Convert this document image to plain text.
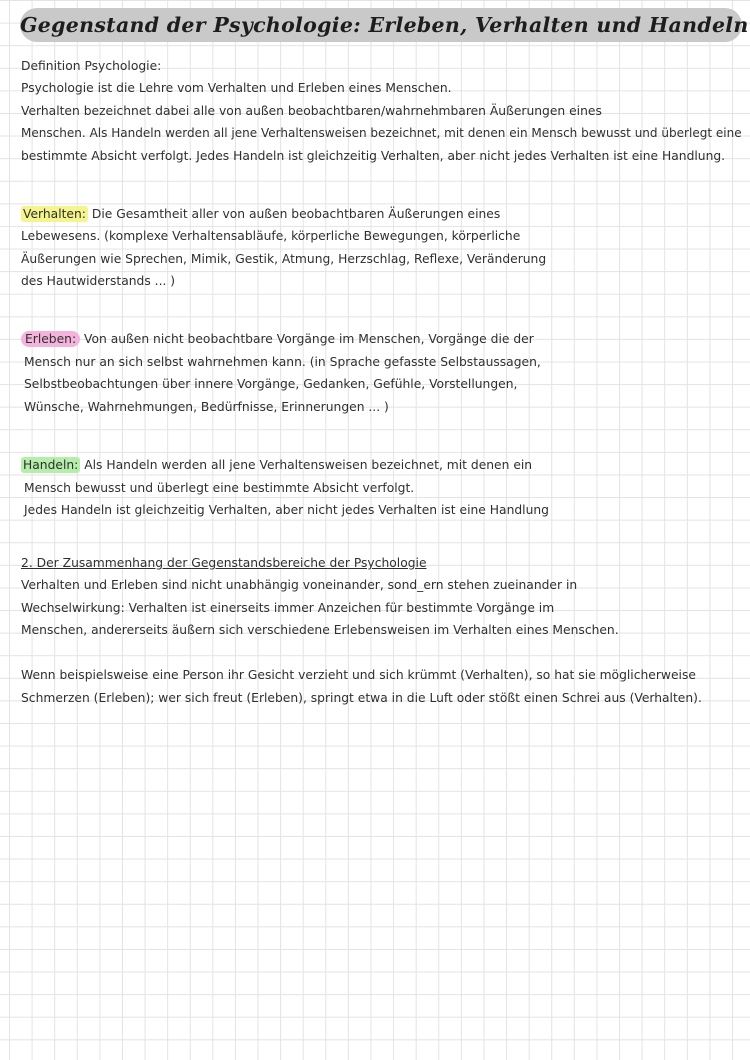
Gegenstand der Psychologie: Erleben, Verhalten und Handeln
Definition Psychologie:
Psychologie ist die Lehre vom Verhalten und Erleben eines Menschen.
Verhalten bezeichnet dabei alle von außen beobachtbaren/wahrnehmbaren Äußerungen eines
Menschen. Als Handeln werden all jene Verhaltensweisen bezeichnet, mit denen ein Mensch bewusst und überlegt eine
bestimmte Absicht verfolgt. Jedes Handeln ist gleichzeitig Verhalten, aber nicht jedes Verhalten ist eine Handlung.
Verhalten: Die Gesamtheit aller von außen beobachtbaren Äußerungen eines
Lebewesens. (komplexe Verhaltensabläufe, körperliche Bewegungen, körperliche
Äußerungen wie Sprechen, Mimik, Gestik, Atmung, Herzschlag, Reflexe, Veränderung
des Hautwiderstands ... )
Erleben: Von außen nicht beobachtbare Vorgänge im Menschen, Vorgänge die der
Mensch nur an sich selbst wahrnehmen kann. (in Sprache gefasste Selbstaussagen,
Selbstbeobachtungen über innere Vorgänge, Gedanken, Gefühle, Vorstellungen,
Wünsche, Wahrnehmungen, Bedürfnisse, Erinnerungen ... )
Handeln: Als Handeln werden all jene Verhaltensweisen bezeichnet, mit denen ein
Mensch bewusst und überlegt eine bestimmte Absicht verfolgt.
Jedes Handeln ist gleichzeitig Verhalten, aber nicht jedes Verhalten ist eine Handlung
2. Der Zusammenhang der Gegenstandsbereiche der Psychologie
Verhalten und Erleben sind nicht unabhängig voneinander, sond_ern stehen zueinander in
Wechselwirkung: Verhalten ist einerseits immer Anzeichen für bestimmte Vorgänge im
Menschen, andererseits äußern sich verschiedene Erlebensweisen im Verhalten eines Menschen.
Wenn beispielsweise eine Person ihr Gesicht verzieht und sich krümmt (Verhalten), so hat sie möglicherweise
Schmerzen (Erleben); wer sich freut (Erleben), springt etwa in die Luft oder stößt einen Schrei aus (Verhalten).
